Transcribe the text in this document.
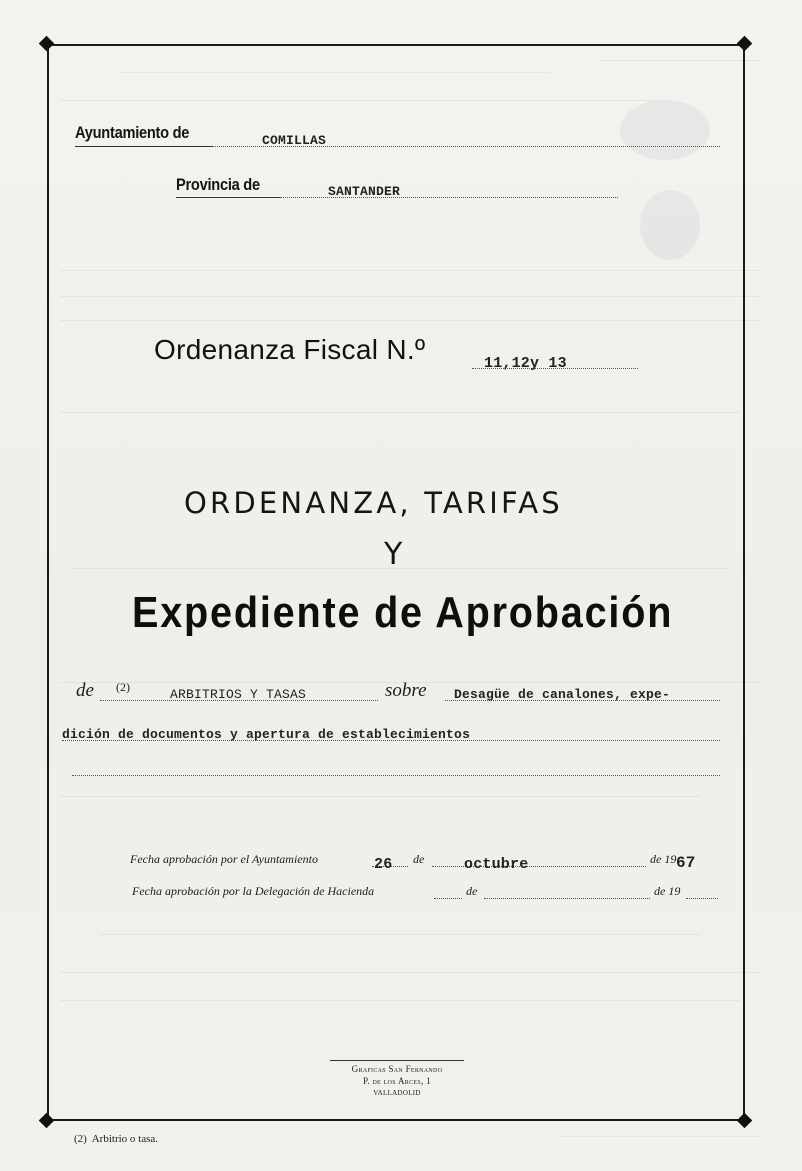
Ayuntamiento de	COMILLAS
Provincia de	SANTANDER
Ordenanza Fiscal N.º	11,12y 13
ORDENANZA, TARIFAS
Y
Expediente de Aprobación
de (2)	ARBITRIOS Y TASAS	sobre Desagüe de canalones, expe-
dición de documentos y apertura de establecimientos
Fecha aprobación por el Ayuntamiento	26 de	octubre	de 19 67
Fecha aprobación por la Delegación de Hacienda	de	de 19
Graficas San Fernando
P. de los Arces, 1
VALLADOLID
(2)  Arbitrio o tasa.
